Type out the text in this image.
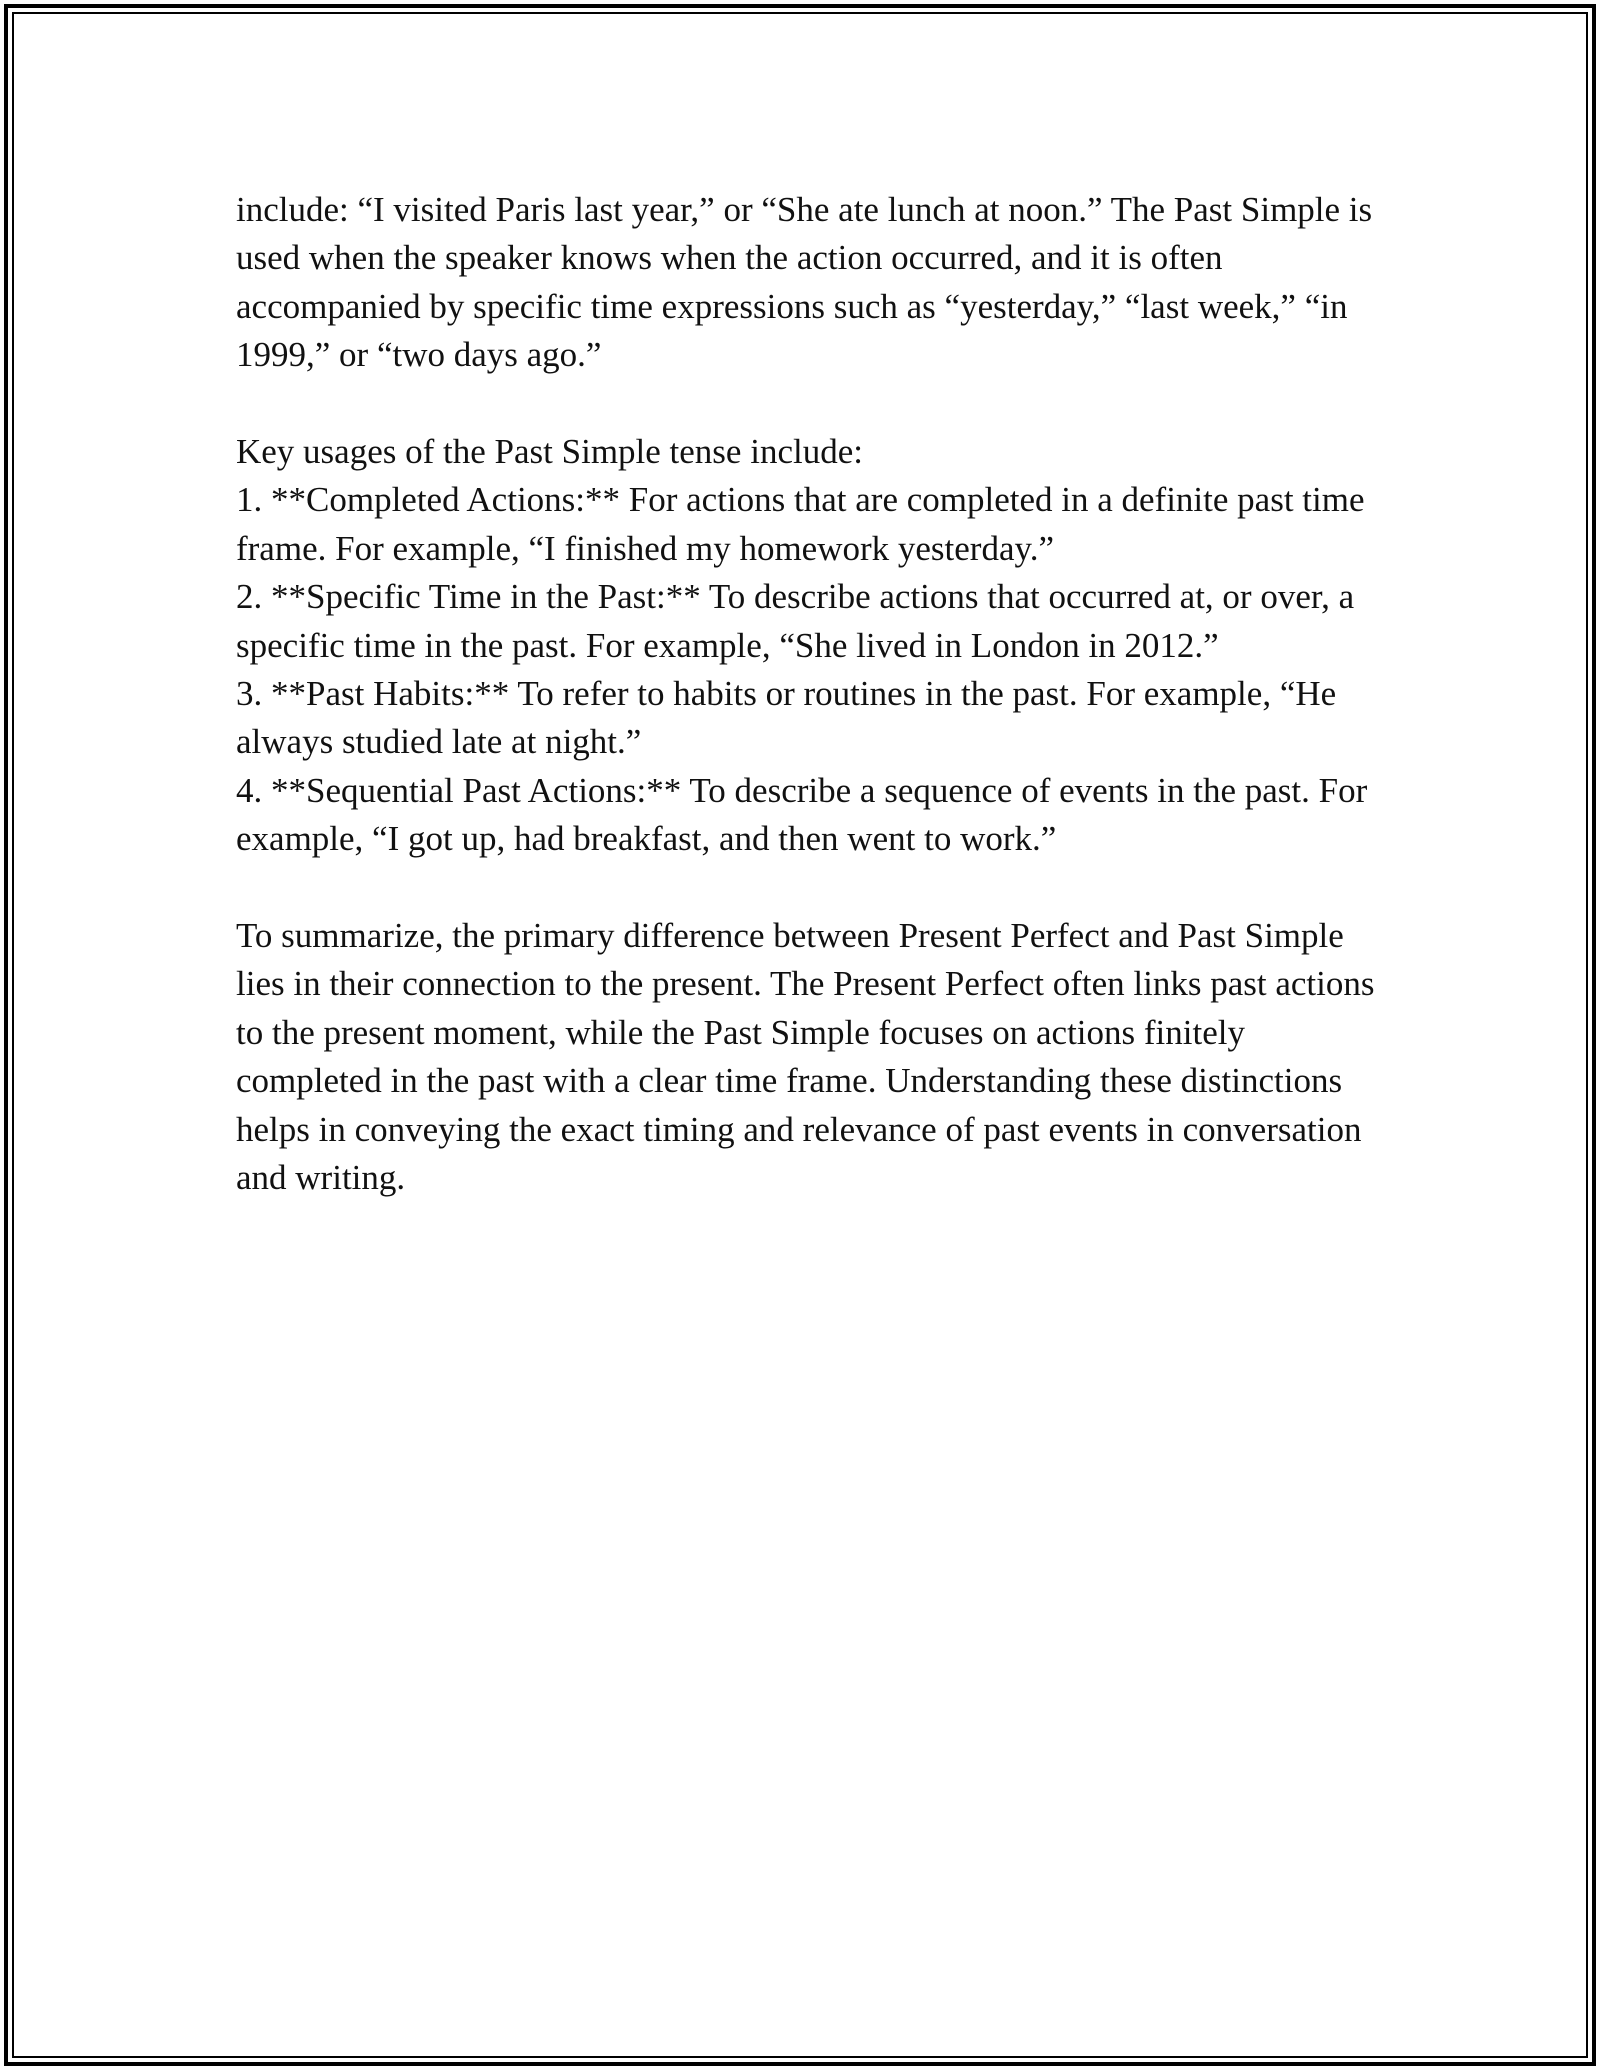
include: “I visited Paris last year,” or “She ate lunch at noon.” The Past Simple is used when the speaker knows when the action occurred, and it is often accompanied by specific time expressions such as “yesterday,” “last week,” “in 1999,” or “two days ago.”

Key usages of the Past Simple tense include:

1. **Completed Actions:** For actions that are completed in a definite past time frame. For example, “I finished my homework yesterday.”

2. **Specific Time in the Past:** To describe actions that occurred at, or over, a specific time in the past. For example, “She lived in London in 2012.”

3. **Past Habits:** To refer to habits or routines in the past. For example, “He always studied late at night.”

4. **Sequential Past Actions:** To describe a sequence of events in the past. For example, “I got up, had breakfast, and then went to work.”

To summarize, the primary difference between Present Perfect and Past Simple lies in their connection to the present. The Present Perfect often links past actions to the present moment, while the Past Simple focuses on actions finitely completed in the past with a clear time frame. Understanding these distinctions helps in conveying the exact timing and relevance of past events in conversation and writing.
